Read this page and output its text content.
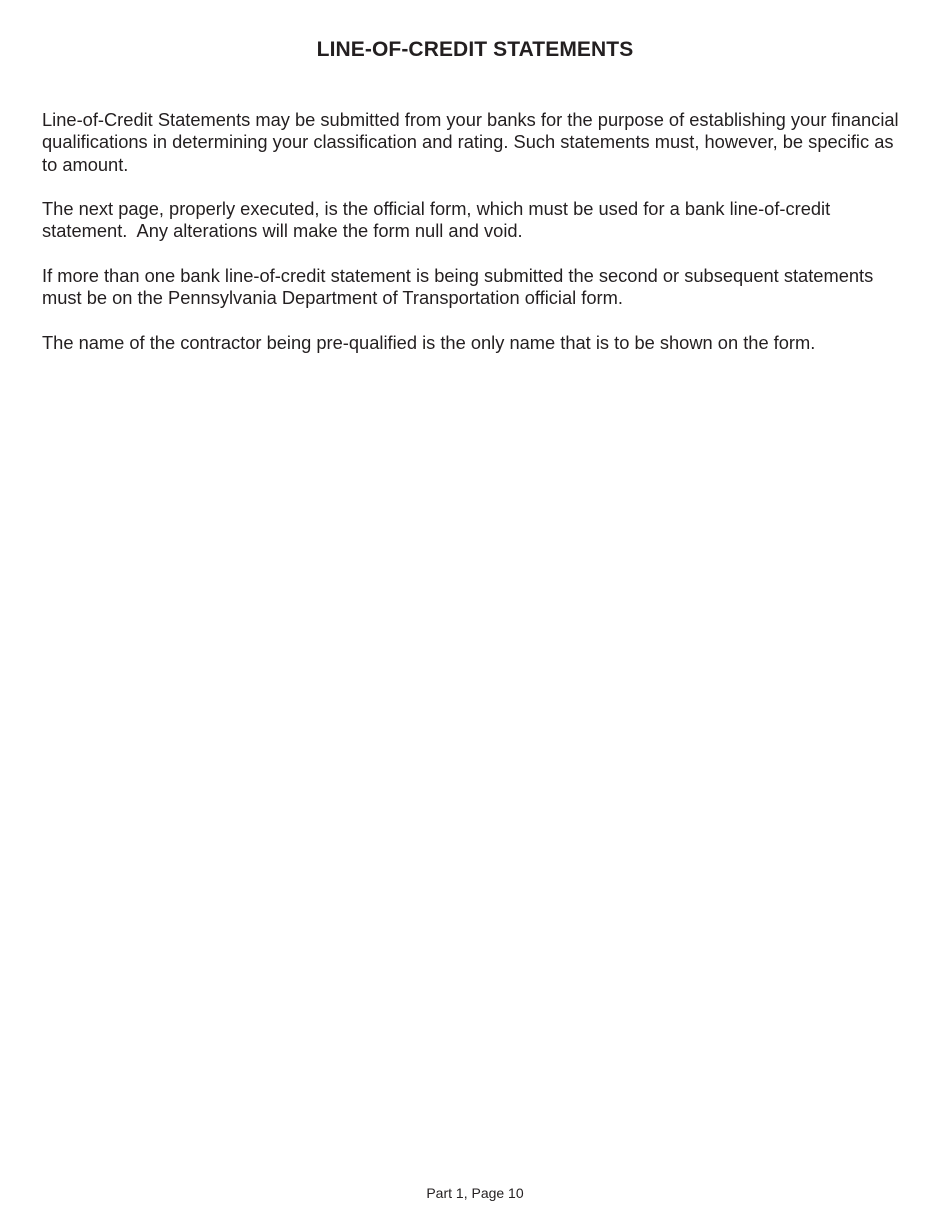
LINE-OF-CREDIT STATEMENTS

Line-of-Credit Statements may be submitted from your banks for the purpose of establishing your financial qualifications in determining your classification and rating. Such statements must, however, be specific as to amount.

The next page, properly executed, is the official form, which must be used for a bank line-of-credit statement.  Any alterations will make the form null and void.

If more than one bank line-of-credit statement is being submitted the second or subsequent statements must be on the Pennsylvania Department of Transportation official form.

The name of the contractor being pre-qualified is the only name that is to be shown on the form.

Part 1, Page 10
